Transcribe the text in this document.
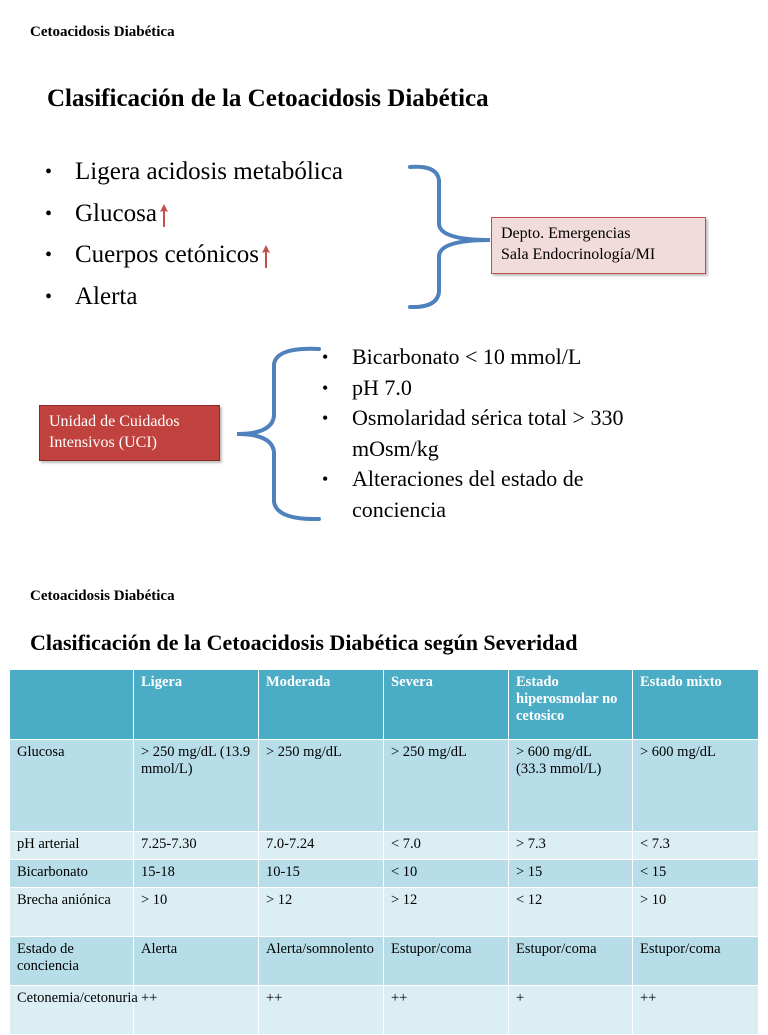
Cetoacidosis Diabética
Clasificación de la Cetoacidosis Diabética
• Ligera acidosis metabólica
• Glucosa
• Cuerpos cetónicos
• Alerta
Depto. Emergencias
Sala Endocrinología/MI
• Bicarbonato < 10 mmol/L
• pH 7.0
• Osmolaridad sérica total > 330 mOsm/kg
• Alteraciones del estado de conciencia
Unidad de Cuidados
Intensivos (UCI)
Cetoacidosis Diabética
Clasificación de la Cetoacidosis Diabética según Severidad
	Ligera	Moderada	Severa	Estado hiperosmolar no cetosico	Estado mixto
Glucosa	> 250 mg/dL (13.9 mmol/L)	> 250 mg/dL	> 250 mg/dL	> 600 mg/dL (33.3 mmol/L)	> 600 mg/dL
pH arterial	7.25-7.30	7.0-7.24	< 7.0	> 7.3	< 7.3
Bicarbonato	15-18	10-15	< 10	> 15	< 15
Brecha aniónica	> 10	> 12	> 12	< 12	> 10
Estado de conciencia	Alerta	Alerta/somnolento	Estupor/coma	Estupor/coma	Estupor/coma
Cetonemia/cetonuria	++	++	++	+	++
